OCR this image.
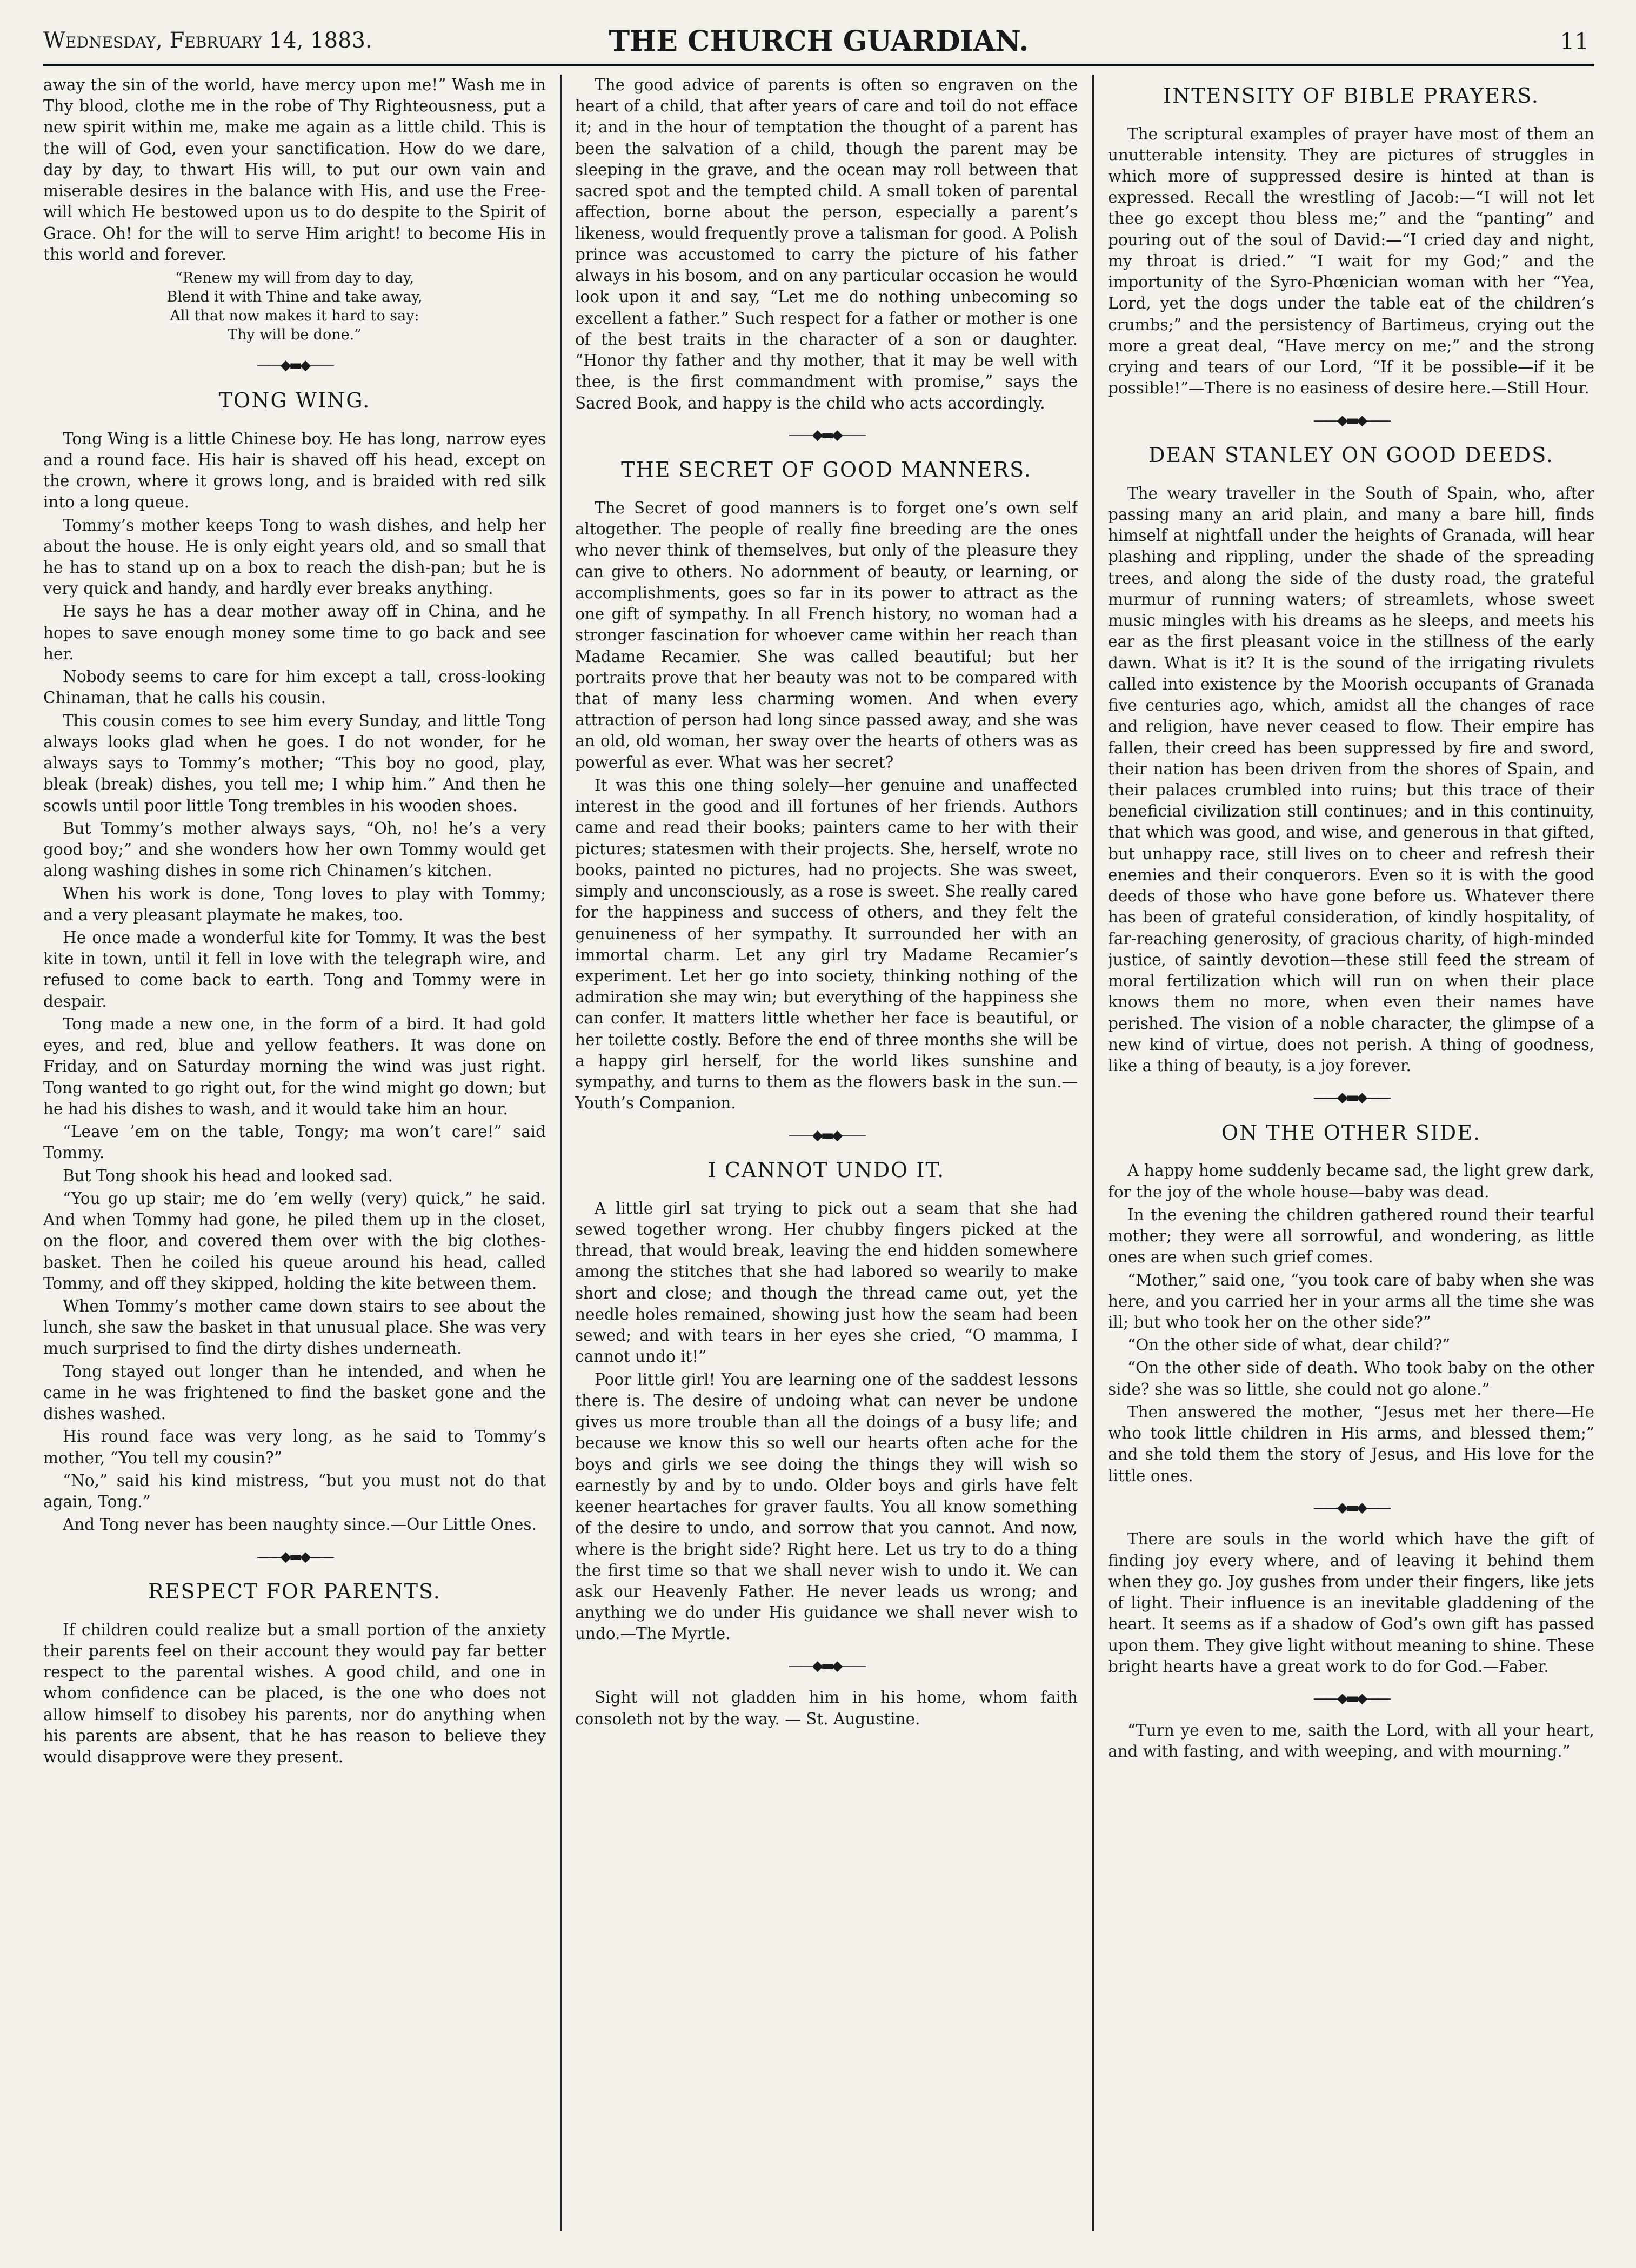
Wednesday, February 14, 1883.	THE CHURCH GUARDIAN.	11

away the sin of the world, have mercy upon me!” Wash me in Thy blood, clothe me in the robe of Thy Righteousness, put a new spirit within me, make me again as a little child. This is the will of God, even your sanctification. How do we dare, day by day, to thwart His will, to put our own vain and miserable desires in the balance with His, and use the Free-will which He bestowed upon us to do despite to the Spirit of Grace. Oh! for the will to serve Him aright! to become His in this world and forever.

“Renew my will from day to day,
Blend it with Thine and take away,
All that now makes it hard to say:
Thy will be done.”
——◆▬◆——
TONG WING.

Tong Wing is a little Chinese boy. He has long, narrow eyes and a round face. His hair is shaved off his head, except on the crown, where it grows long, and is braided with red silk into a long queue.

Tommy’s mother keeps Tong to wash dishes, and help her about the house. He is only eight years old, and so small that he has to stand up on a box to reach the dish-pan; but he is very quick and handy, and hardly ever breaks anything.

He says he has a dear mother away off in China, and he hopes to save enough money some time to go back and see her.

Nobody seems to care for him except a tall, cross-looking Chinaman, that he calls his cousin.

This cousin comes to see him every Sunday, and little Tong always looks glad when he goes. I do not wonder, for he always says to Tommy’s mother; “This boy no good, play, bleak (break) dishes, you tell me; I whip him.” And then he scowls until poor little Tong trembles in his wooden shoes.

But Tommy’s mother always says, “Oh, no! he’s a very good boy;” and she wonders how her own Tommy would get along washing dishes in some rich Chinamen’s kitchen.

When his work is done, Tong loves to play with Tommy; and a very pleasant playmate he makes, too.

He once made a wonderful kite for Tommy. It was the best kite in town, until it fell in love with the telegraph wire, and refused to come back to earth. Tong and Tommy were in despair.

Tong made a new one, in the form of a bird. It had gold eyes, and red, blue and yellow feathers. It was done on Friday, and on Saturday morning the wind was just right. Tong wanted to go right out, for the wind might go down; but he had his dishes to wash, and it would take him an hour.

“Leave ’em on the table, Tongy; ma won’t care!” said Tommy.

But Tong shook his head and looked sad.

“You go up stair; me do ’em welly (very) quick,” he said. And when Tommy had gone, he piled them up in the closet, on the floor, and covered them over with the big clothes-basket. Then he coiled his queue around his head, called Tommy, and off they skipped, holding the kite between them.

When Tommy’s mother came down stairs to see about the lunch, she saw the basket in that unusual place. She was very much surprised to find the dirty dishes underneath.

Tong stayed out longer than he intended, and when he came in he was frightened to find the basket gone and the dishes washed.

His round face was very long, as he said to Tommy’s mother, “You tell my cousin?”

“No,” said his kind mistress, “but you must not do that again, Tong.”

And Tong never has been naughty since.—Our Little Ones.

——◆▬◆——
RESPECT FOR PARENTS.

If children could realize but a small portion of the anxiety their parents feel on their account they would pay far better respect to the parental wishes. A good child, and one in whom confidence can be placed, is the one who does not allow himself to disobey his parents, nor do anything when his parents are absent, that he has reason to believe they would disapprove were they present.

The good advice of parents is often so engraven on the heart of a child, that after years of care and toil do not efface it; and in the hour of temptation the thought of a parent has been the salvation of a child, though the parent may be sleeping in the grave, and the ocean may roll between that sacred spot and the tempted child. A small token of parental affection, borne about the person, especially a parent’s likeness, would frequently prove a talisman for good. A Polish prince was accustomed to carry the picture of his father always in his bosom, and on any particular occasion he would look upon it and say, “Let me do nothing unbecoming so excellent a father.” Such respect for a father or mother is one of the best traits in the character of a son or daughter. “Honor thy father and thy mother, that it may be well with thee, is the first commandment with promise,” says the Sacred Book, and happy is the child who acts accordingly.

——◆▬◆——
THE SECRET OF GOOD MANNERS.

The Secret of good manners is to forget one’s own self altogether. The people of really fine breeding are the ones who never think of themselves, but only of the pleasure they can give to others. No adornment of beauty, or learning, or accomplishments, goes so far in its power to attract as the one gift of sympathy. In all French history, no woman had a stronger fascination for whoever came within her reach than Madame Recamier. She was called beautiful; but her portraits prove that her beauty was not to be compared with that of many less charming women. And when every attraction of person had long since passed away, and she was an old, old woman, her sway over the hearts of others was as powerful as ever. What was her secret?

It was this one thing solely—her genuine and unaffected interest in the good and ill fortunes of her friends. Authors came and read their books; painters came to her with their pictures; statesmen with their projects. She, herself, wrote no books, painted no pictures, had no projects. She was sweet, simply and unconsciously, as a rose is sweet. She really cared for the happiness and success of others, and they felt the genuineness of her sympathy. It surrounded her with an immortal charm. Let any girl try Madame Recamier’s experiment. Let her go into society, thinking nothing of the admiration she may win; but everything of the happiness she can confer. It matters little whether her face is beautiful, or her toilette costly. Before the end of three months she will be a happy girl herself, for the world likes sunshine and sympathy, and turns to them as the flowers bask in the sun.—Youth’s Companion.

——◆▬◆——
I CANNOT UNDO IT.

A little girl sat trying to pick out a seam that she had sewed together wrong. Her chubby fingers picked at the thread, that would break, leaving the end hidden somewhere among the stitches that she had labored so wearily to make short and close; and though the thread came out, yet the needle holes remained, showing just how the seam had been sewed; and with tears in her eyes she cried, “O mamma, I cannot undo it!”

Poor little girl! You are learning one of the saddest lessons there is. The desire of undoing what can never be undone gives us more trouble than all the doings of a busy life; and because we know this so well our hearts often ache for the boys and girls we see doing the things they will wish so earnestly by and by to undo. Older boys and girls have felt keener heartaches for graver faults. You all know something of the desire to undo, and sorrow that you cannot. And now, where is the bright side? Right here. Let us try to do a thing the first time so that we shall never wish to undo it. We can ask our Heavenly Father. He never leads us wrong; and anything we do under His guidance we shall never wish to undo.—The Myrtle.

——◆▬◆——

Sight will not gladden him in his home, whom faith consoleth not by the way. — St. Augustine.

INTENSITY OF BIBLE PRAYERS.

The scriptural examples of prayer have most of them an unutterable intensity. They are pictures of struggles in which more of suppressed desire is hinted at than is expressed. Recall the wrestling of Jacob:—“I will not let thee go except thou bless me;” and the “panting” and pouring out of the soul of David:—“I cried day and night, my throat is dried.” “I wait for my God;” and the importunity of the Syro-Phœnician woman with her “Yea, Lord, yet the dogs under the table eat of the children’s crumbs;” and the persistency of Bartimeus, crying out the more a great deal, “Have mercy on me;” and the strong crying and tears of our Lord, “If it be possible—if it be possible!”—There is no easiness of desire here.—Still Hour.

——◆▬◆——
DEAN STANLEY ON GOOD DEEDS.

The weary traveller in the South of Spain, who, after passing many an arid plain, and many a bare hill, finds himself at nightfall under the heights of Granada, will hear plashing and rippling, under the shade of the spreading trees, and along the side of the dusty road, the grateful murmur of running waters; of streamlets, whose sweet music mingles with his dreams as he sleeps, and meets his ear as the first pleasant voice in the stillness of the early dawn. What is it? It is the sound of the irrigating rivulets called into existence by the Moorish occupants of Granada five centuries ago, which, amidst all the changes of race and religion, have never ceased to flow. Their empire has fallen, their creed has been suppressed by fire and sword, their nation has been driven from the shores of Spain, and their palaces crumbled into ruins; but this trace of their beneficial civilization still continues; and in this continuity, that which was good, and wise, and generous in that gifted, but unhappy race, still lives on to cheer and refresh their enemies and their conquerors. Even so it is with the good deeds of those who have gone before us. Whatever there has been of grateful consideration, of kindly hospitality, of far-reaching generosity, of gracious charity, of high-minded justice, of saintly devotion—these still feed the stream of moral fertilization which will run on when their place knows them no more, when even their names have perished. The vision of a noble character, the glimpse of a new kind of virtue, does not perish. A thing of goodness, like a thing of beauty, is a joy forever.

——◆▬◆——
ON THE OTHER SIDE.

A happy home suddenly became sad, the light grew dark, for the joy of the whole house—baby was dead.

In the evening the children gathered round their tearful mother; they were all sorrowful, and wondering, as little ones are when such grief comes.

“Mother,” said one, “you took care of baby when she was here, and you carried her in your arms all the time she was ill; but who took her on the other side?”

“On the other side of what, dear child?”

“On the other side of death. Who took baby on the other side? she was so little, she could not go alone.”

Then answered the mother, “Jesus met her there—He who took little children in His arms, and blessed them;” and she told them the story of Jesus, and His love for the little ones.

——◆▬◆——

There are souls in the world which have the gift of finding joy every where, and of leaving it behind them when they go. Joy gushes from under their fingers, like jets of light. Their influence is an inevitable gladdening of the heart. It seems as if a shadow of God’s own gift has passed upon them. They give light without meaning to shine. These bright hearts have a great work to do for God.—Faber.

——◆▬◆——

“Turn ye even to me, saith the Lord, with all your heart, and with fasting, and with weeping, and with mourning.”
